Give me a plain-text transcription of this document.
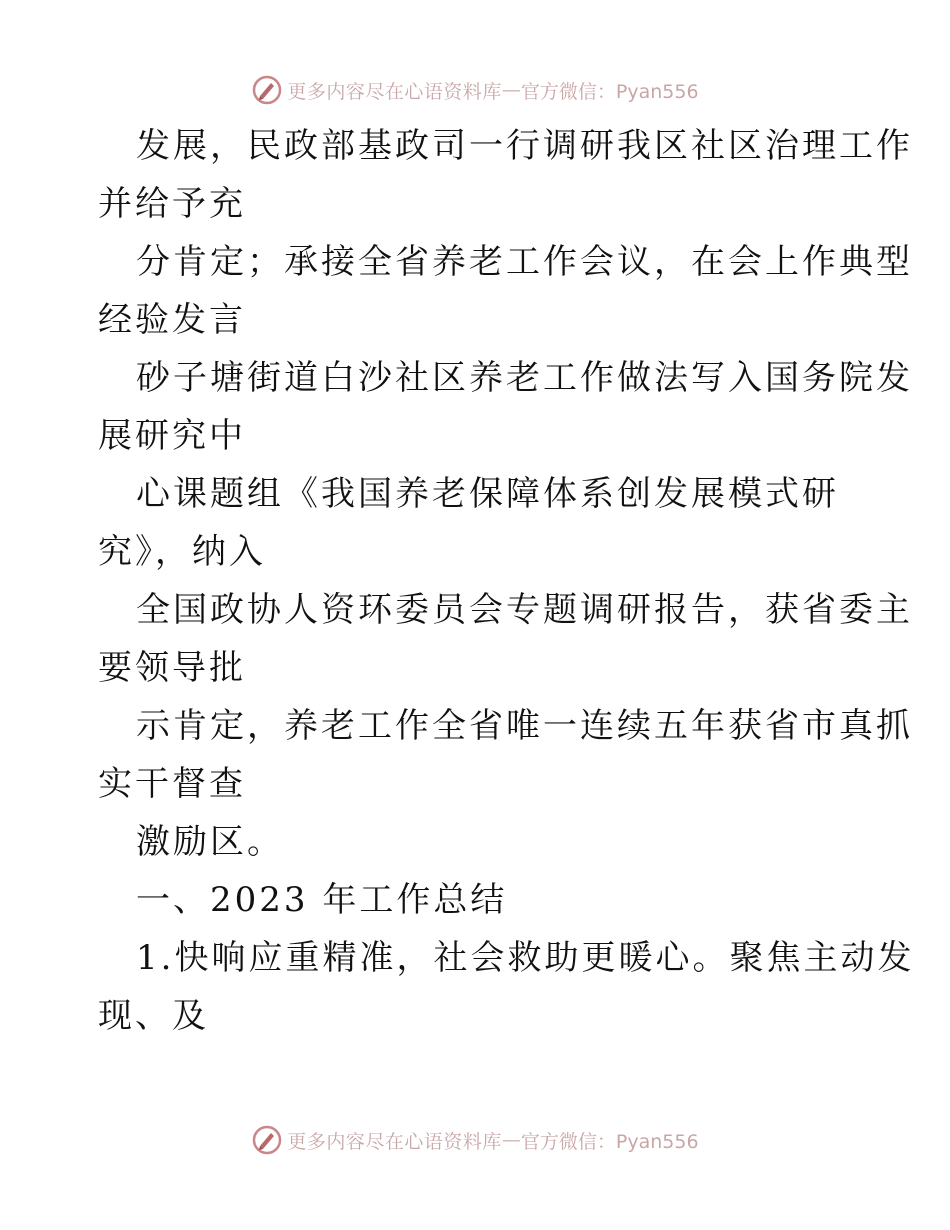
更多内容尽在心语资料库 — 官方微信：Pyan556
发展，民政部基政司一行调研我区社区治理工作
并给予充
分肯定；承接全省养老工作会议，在会上作典型
经验发言
砂子塘街道白沙社区养老工作做法写入国务院发
展研究中
心课题组《我国养老保障体系创发展模式研
究》，纳入
全国政协人资环委员会专题调研报告，获省委主
要领导批
示肯定，养老工作全省唯一连续五年获省市真抓
实干督查
激励区。
一、2023 年工作总结
1.快响应重精准，社会救助更暖心。聚焦主动发
现、及
更多内容尽在心语资料库 — 官方微信：Pyan556
